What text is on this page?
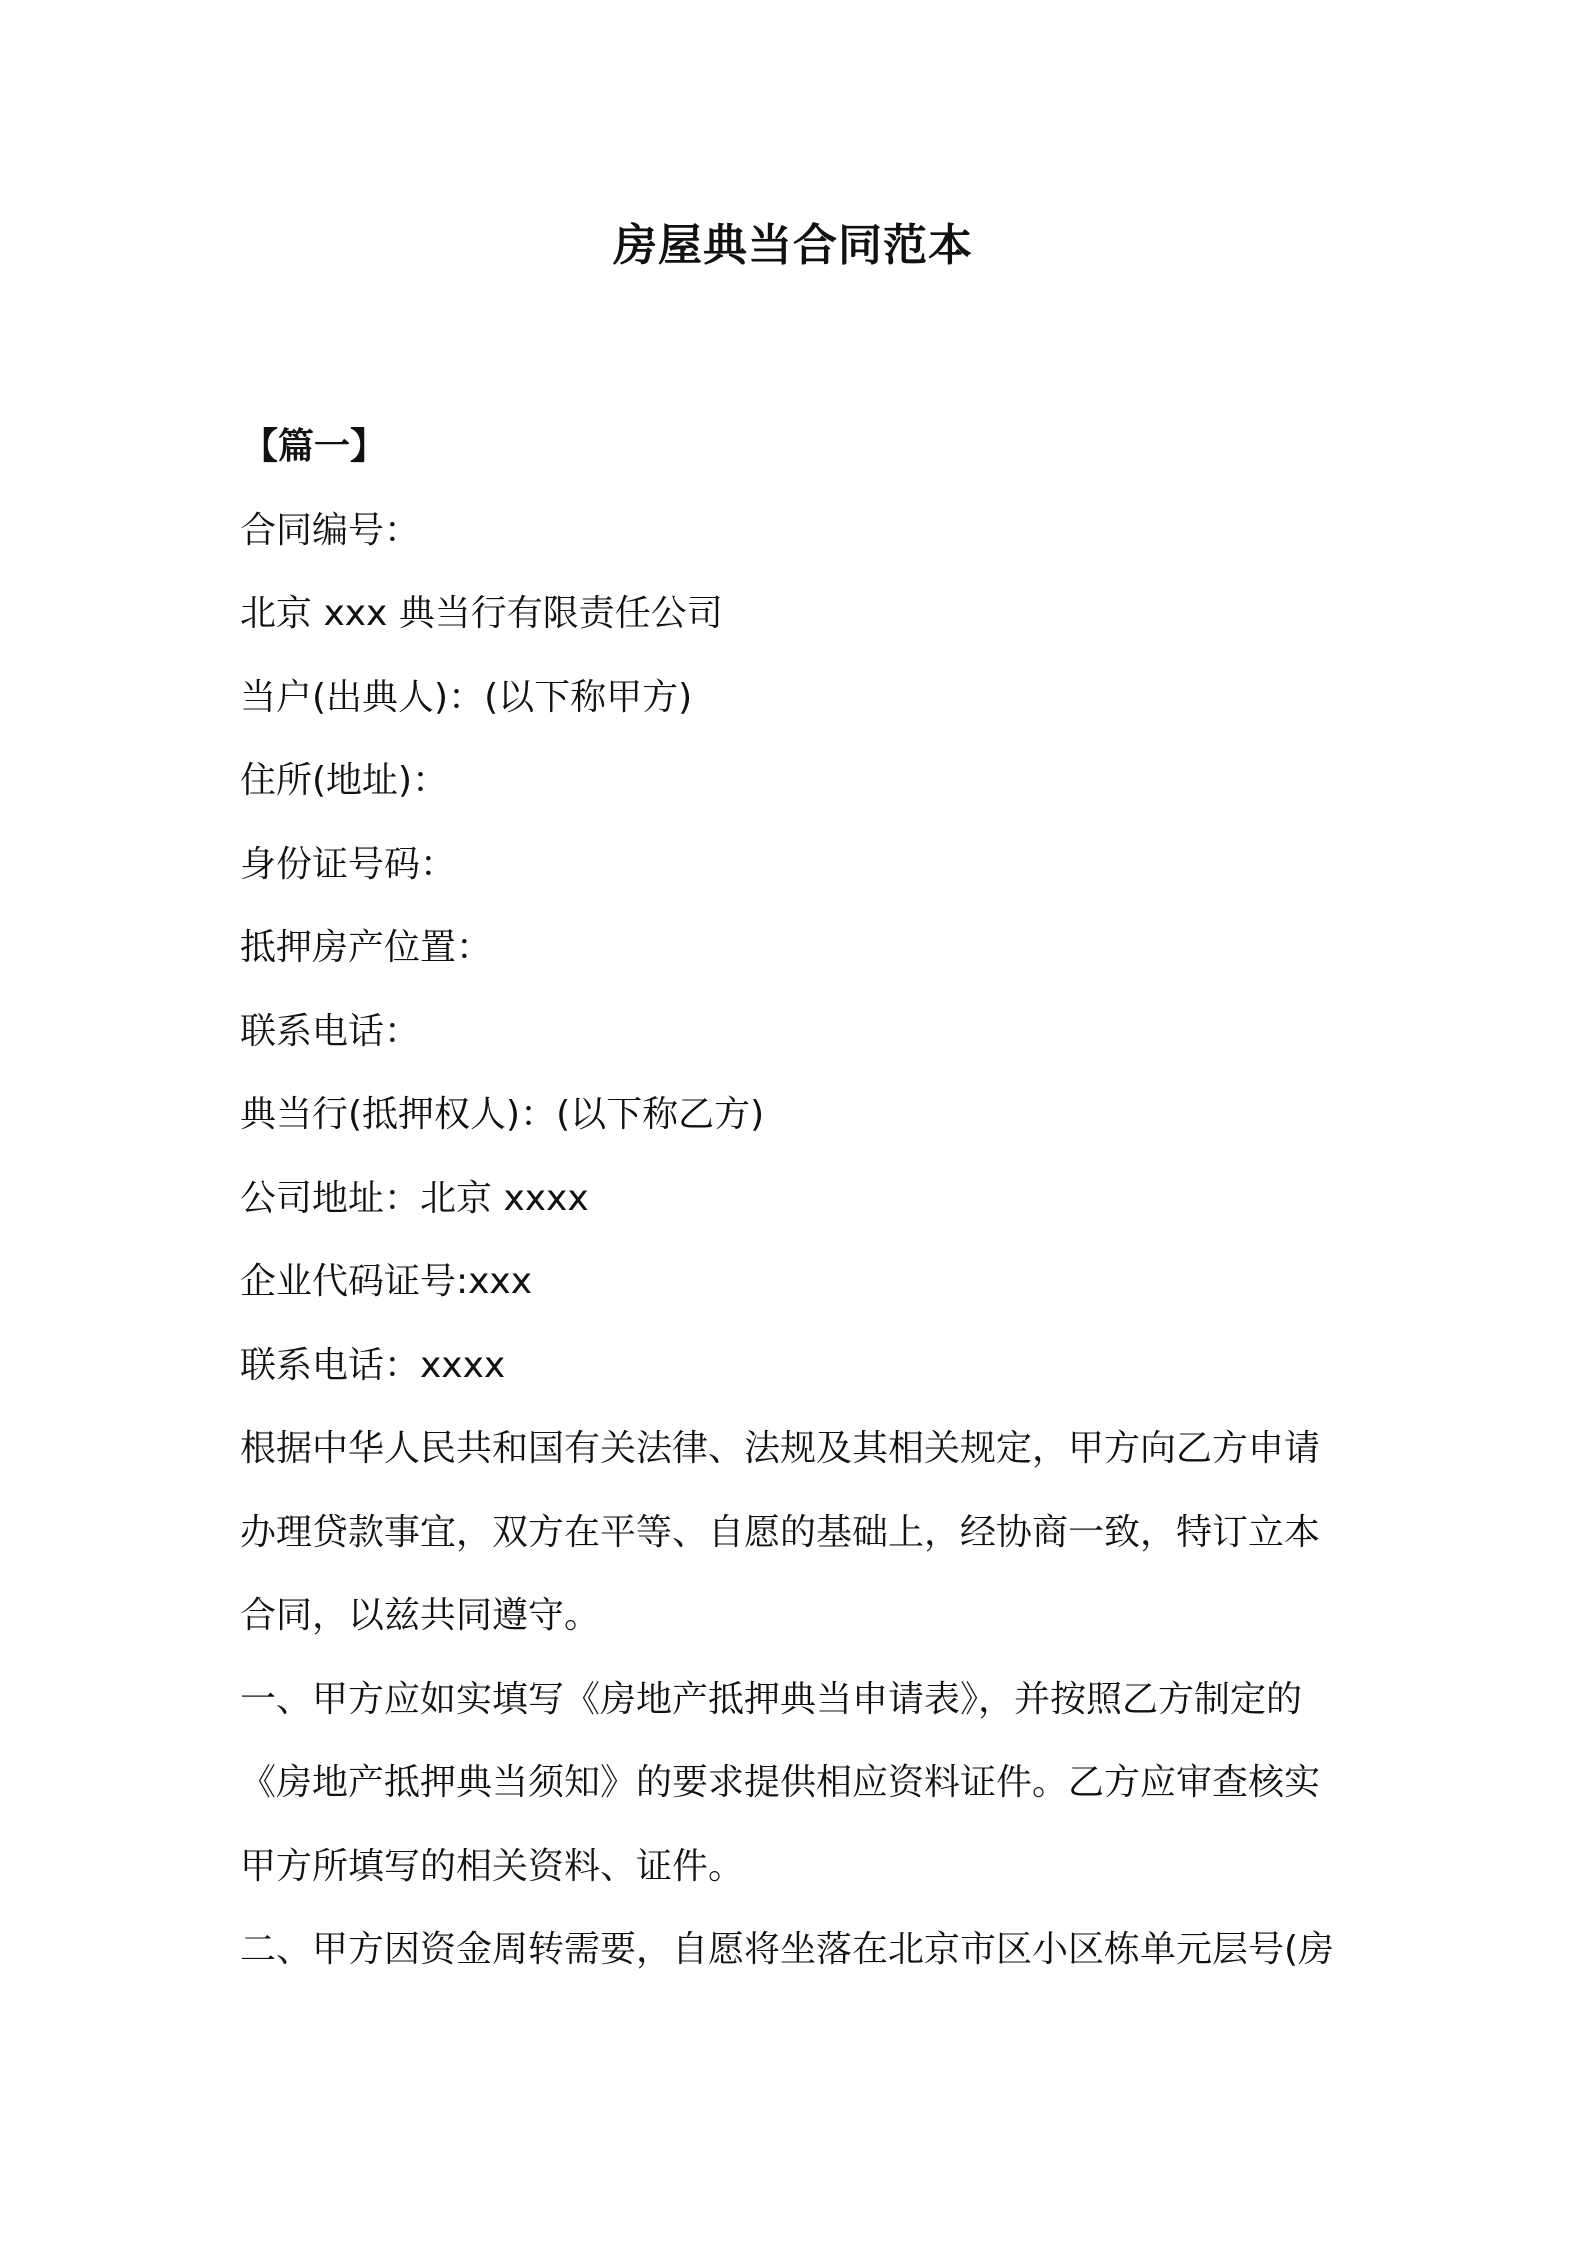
房屋典当合同范本
【篇一】
合同编号：
北京 xxx 典当行有限责任公司
当户(出典人)：(以下称甲方)
住所(地址)：
身份证号码：
抵押房产位置：
联系电话：
典当行(抵押权人)：(以下称乙方)
公司地址：北京 xxxx
企业代码证号:xxx
联系电话：xxxx
根据中华人民共和国有关法律、法规及其相关规定，甲方向乙方申请
办理贷款事宜，双方在平等、自愿的基础上，经协商一致，特订立本
合同，以兹共同遵守。
一、甲方应如实填写《房地产抵押典当申请表》，并按照乙方制定的
《房地产抵押典当须知》的要求提供相应资料证件。乙方应审查核实
甲方所填写的相关资料、证件。
二、甲方因资金周转需要，自愿将坐落在北京市区小区栋单元层号(房
